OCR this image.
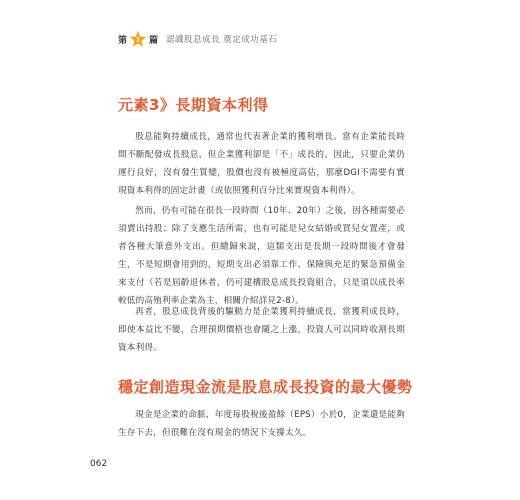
第 1 篇 認識股息成長 奠定成功基石
元素3》長期資本利得

股息能夠持續成長，通常也代表著企業的獲利增長。當有企業能長時間不斷配發成長股息，但企業獲利卻是「不」成長的。因此，只要企業仍運行良好，沒有發生質變，股價也沒有被極度高估，那麼DGI不需要有實現資本利得的固定計畫（或依照獲利百分比來實現資本利得）。

然而，仍有可能在很長一段時間（10年、20年）之後，因各種需要必須賣出持股；除了支應生活所需，也有可能是兒女結婚或買兒女置產，或者各種大筆意外支出。但總歸來說，這類支出是長期一段時間後才會發生，不是短期會用到的，短期支出必須靠工作、保險與充足的緊急預備金來支付（若是屆齡退休者，仍可建構股息成長投資組合，只是須以成長率較低的高殖利率企業為主，相關介紹詳見2-8）。

再者，股息成長背後的驅動力是企業獲利持續成長，當獲利成長時，即使本益比不變，合理預期價格也會隨之上漲，投資人可以同時收割長期資本利得。

穩定創造現金流是股息成長投資的最大優勢

現金是企業的命脈，年度每股稅後盈餘（EPS）小於0，企業還是能夠生存下去，但很難在沒有現金的情況下支撐太久。

062
